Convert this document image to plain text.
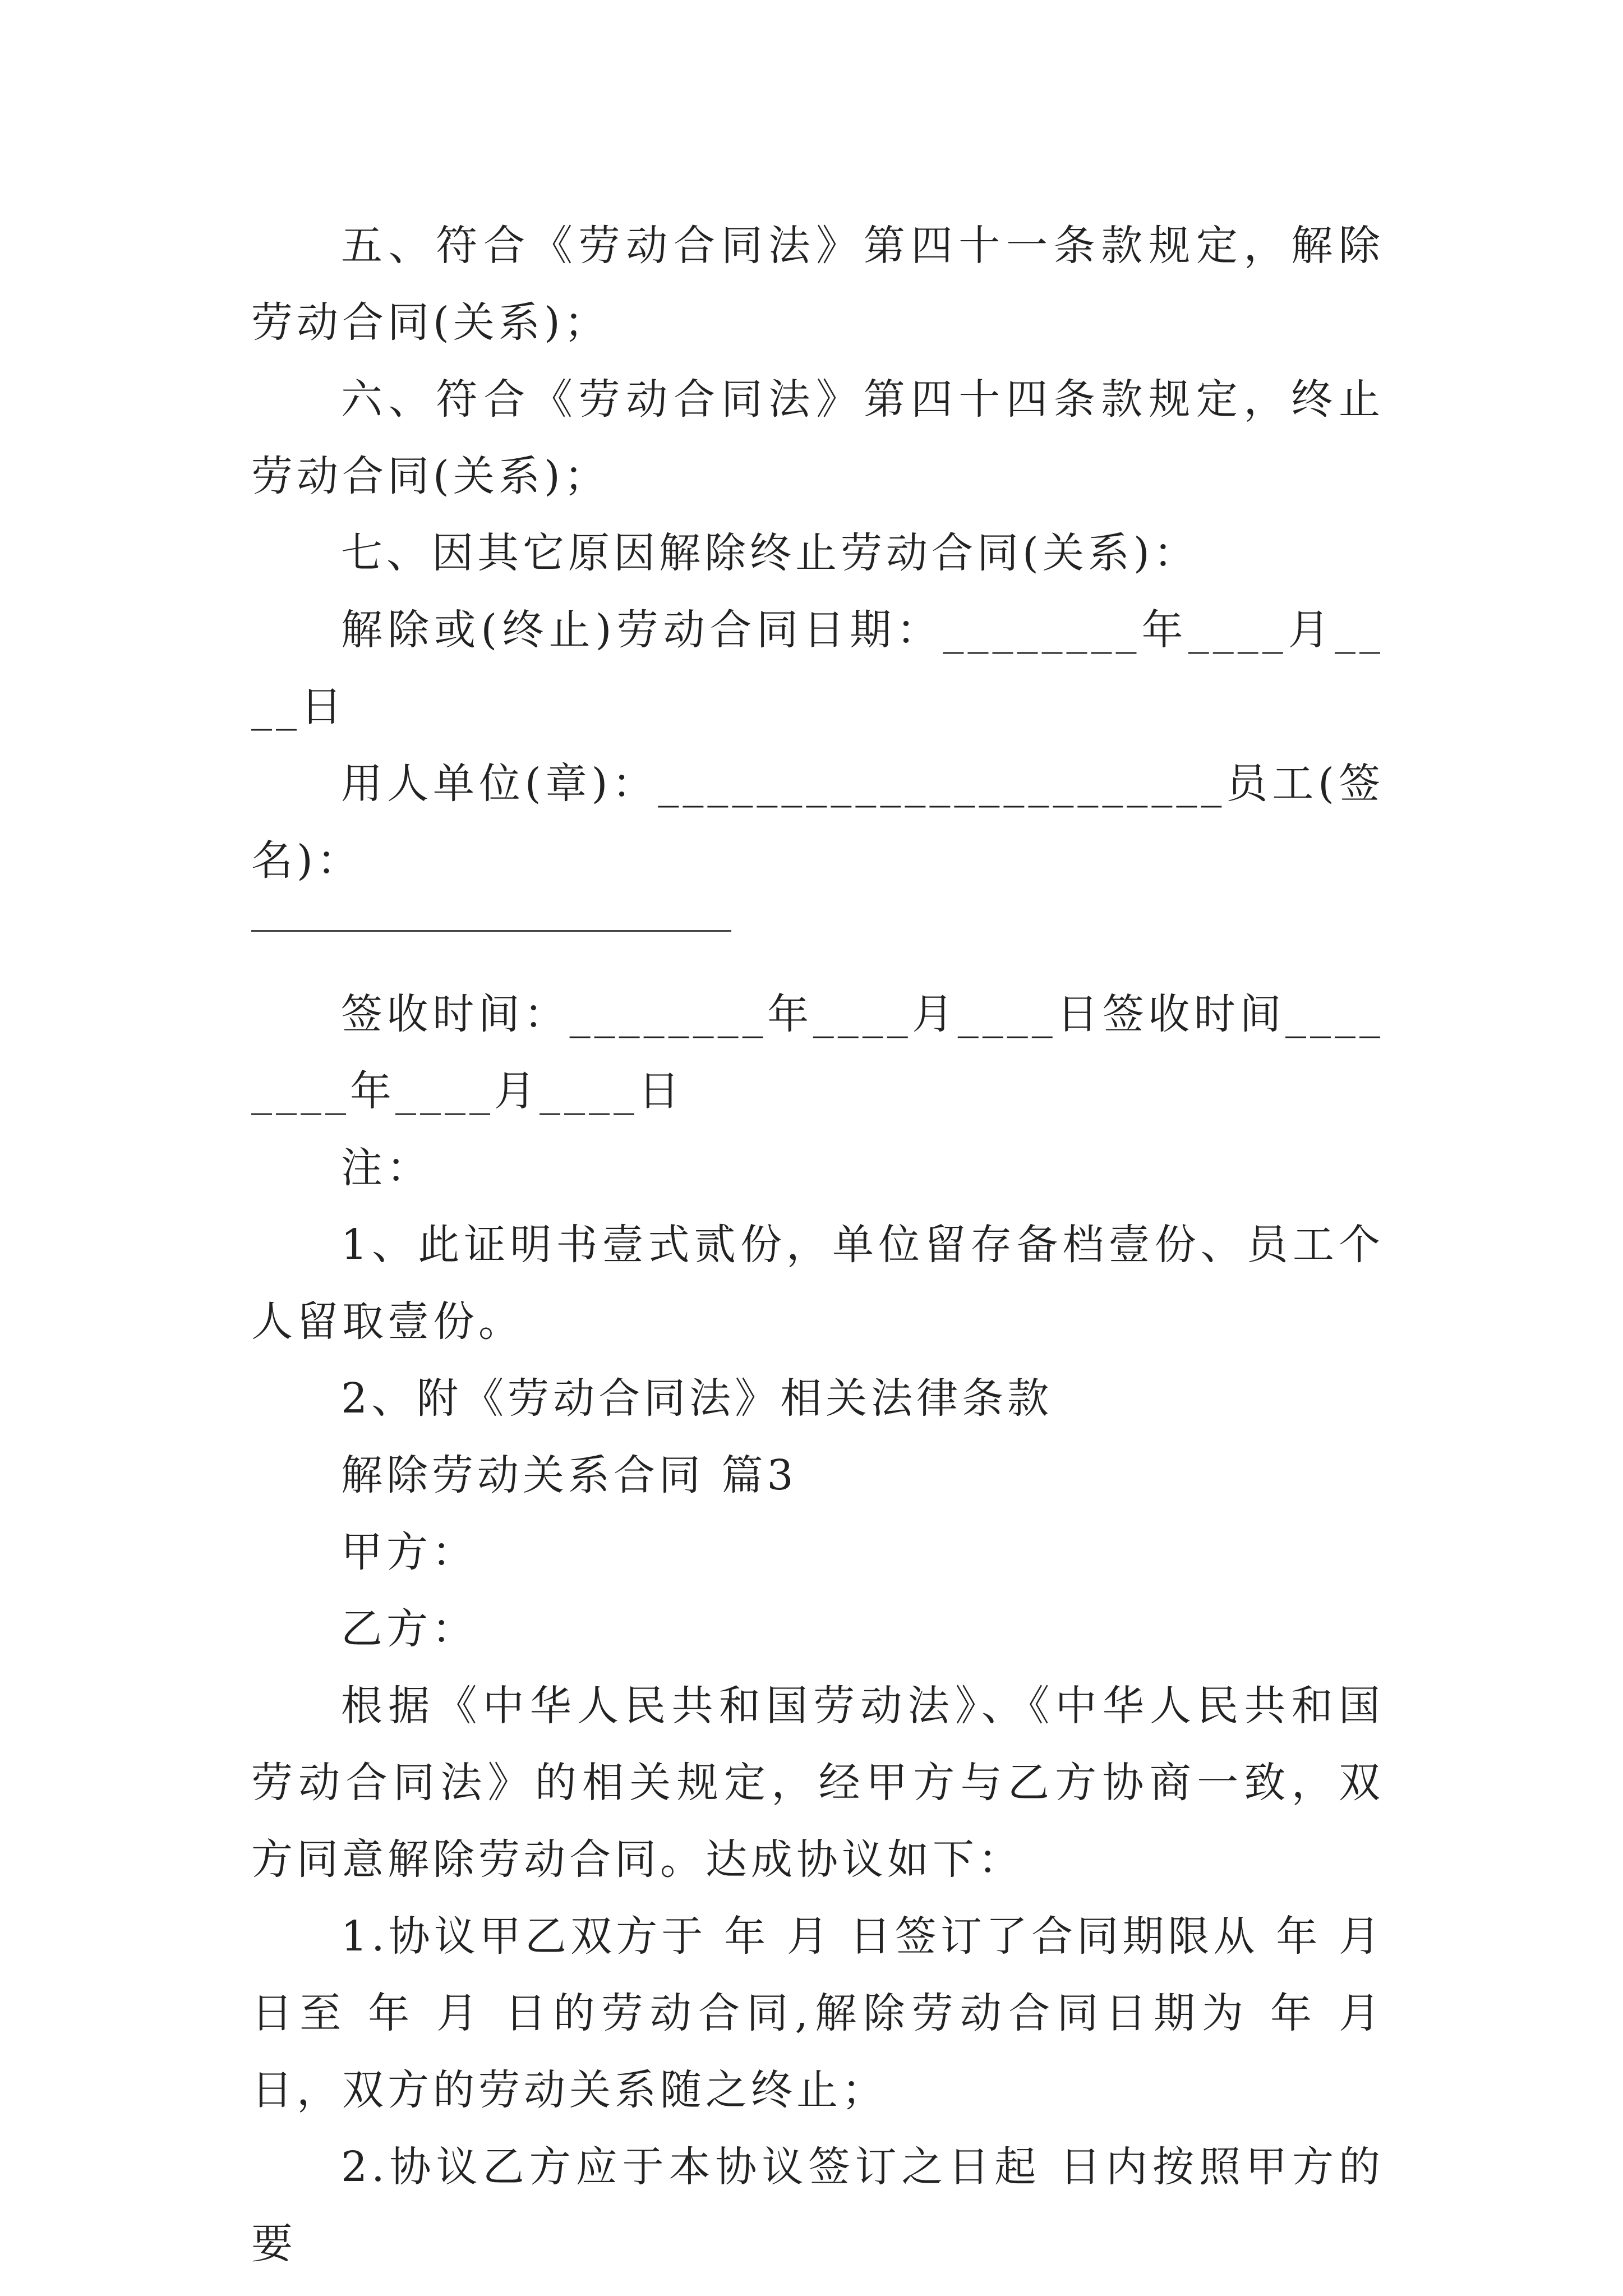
五、符合《劳动合同法》第四十一条款规定，解除劳动合同(关系)；

六、符合《劳动合同法》第四十四条款规定，终止劳动合同(关系)；

七、因其它原因解除终止劳动合同(关系)：

解除或(终止)劳动合同日期：________年____月____日

用人单位(章)：_______________________员工(签名)：

签收时间：________年____月____日签收时间________年____月____日

注：

1、此证明书壹式贰份，单位留存备档壹份、员工个人留取壹份。

2、附《劳动合同法》相关法律条款

解除劳动关系合同 篇3

甲方：

乙方：

根据《中华人民共和国劳动法》、《中华人民共和国劳动合同法》的相关规定，经甲方与乙方协商一致，双方同意解除劳动合同。达成协议如下：

1.协议甲乙双方于 年 月 日签订了合同期限从 年 月 日至 年 月 日的劳动合同,解除劳动合同日期为 年 月 日，双方的劳动关系随之终止；

2.协议乙方应于本协议签订之日起 日内按照甲方的要
